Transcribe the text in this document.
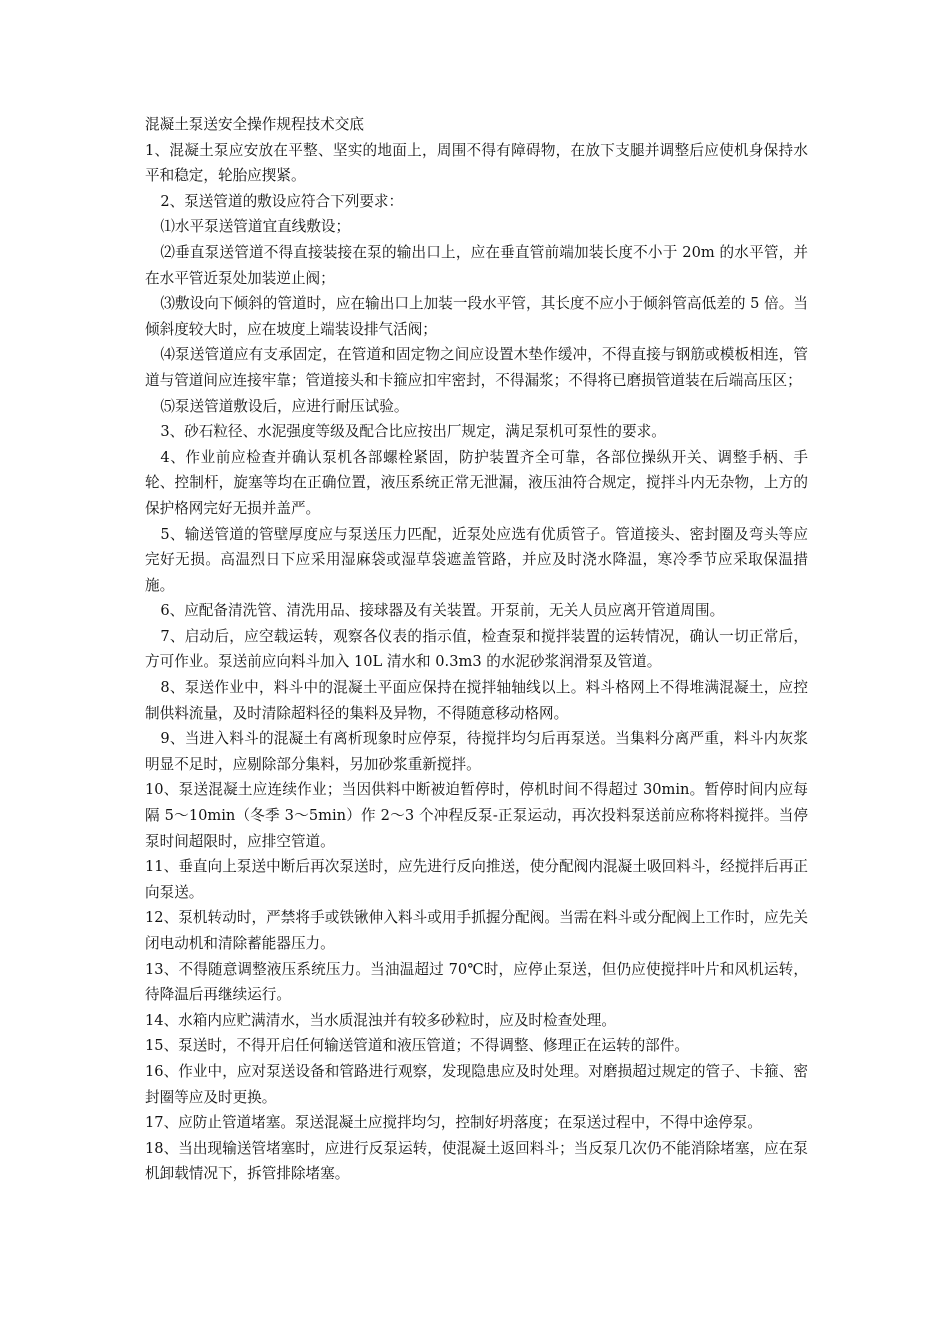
混凝土泵送安全操作规程技术交底

1、混凝土泵应安放在平整、坚实的地面上，周围不得有障碍物，在放下支腿并调整后应使机身保持水平和稳定，轮胎应揳紧。

2、泵送管道的敷设应符合下列要求：

⑴水平泵送管道宜直线敷设；

⑵垂直泵送管道不得直接装接在泵的输出口上，应在垂直管前端加装长度不小于 20m 的水平管，并在水平管近泵处加装逆止阀；

⑶敷设向下倾斜的管道时，应在输出口上加装一段水平管，其长度不应小于倾斜管高低差的 5 倍。当倾斜度较大时，应在坡度上端装设排气活阀；

⑷泵送管道应有支承固定，在管道和固定物之间应设置木垫作缓冲，不得直接与钢筋或模板相连，管道与管道间应连接牢靠；管道接头和卡箍应扣牢密封，不得漏浆；不得将已磨损管道装在后端高压区；

⑸泵送管道敷设后，应进行耐压试验。

3、砂石粒径、水泥强度等级及配合比应按出厂规定，满足泵机可泵性的要求。

4、作业前应检查并确认泵机各部螺栓紧固，防护装置齐全可靠，各部位操纵开关、调整手柄、手轮、控制杆，旋塞等均在正确位置，液压系统正常无泄漏，液压油符合规定，搅拌斗内无杂物，上方的保护格网完好无损并盖严。

5、输送管道的管壁厚度应与泵送压力匹配，近泵处应选有优质管子。管道接头、密封圈及弯头等应完好无损。高温烈日下应采用湿麻袋或湿草袋遮盖管路，并应及时浇水降温，寒冷季节应采取保温措施。

6、应配备清洗管、清洗用品、接球器及有关装置。开泵前，无关人员应离开管道周围。

7、启动后，应空载运转，观察各仪表的指示值，检查泵和搅拌装置的运转情况，确认一切正常后，方可作业。泵送前应向料斗加入 10L 清水和 0.3m3 的水泥砂浆润滑泵及管道。

8、泵送作业中，料斗中的混凝土平面应保持在搅拌轴轴线以上。料斗格网上不得堆满混凝土，应控制供料流量，及时清除超料径的集料及异物，不得随意移动格网。

9、当进入料斗的混凝土有离析现象时应停泵，待搅拌均匀后再泵送。当集料分离严重，料斗内灰浆明显不足时，应剔除部分集料，另加砂浆重新搅拌。

10、泵送混凝土应连续作业；当因供料中断被迫暂停时，停机时间不得超过 30min。暂停时间内应每隔 5～10min（冬季 3～5min）作 2～3 个冲程反泵-正泵运动，再次投料泵送前应称将料搅拌。当停泵时间超限时，应排空管道。

11、垂直向上泵送中断后再次泵送时，应先进行反向推送，使分配阀内混凝土吸回料斗，经搅拌后再正向泵送。

12、泵机转动时，严禁将手或铁锹伸入料斗或用手抓握分配阀。当需在料斗或分配阀上工作时，应先关闭电动机和清除蓄能器压力。

13、不得随意调整液压系统压力。当油温超过 70℃时，应停止泵送，但仍应使搅拌叶片和风机运转，待降温后再继续运行。

14、水箱内应贮满清水，当水质混浊并有较多砂粒时，应及时检查处理。

15、泵送时，不得开启任何输送管道和液压管道；不得调整、修理正在运转的部件。

16、作业中，应对泵送设备和管路进行观察，发现隐患应及时处理。对磨损超过规定的管子、卡箍、密封圈等应及时更换。

17、应防止管道堵塞。泵送混凝土应搅拌均匀，控制好坍落度；在泵送过程中，不得中途停泵。

18、当出现输送管堵塞时，应进行反泵运转，使混凝土返回料斗；当反泵几次仍不能消除堵塞，应在泵机卸载情况下，拆管排除堵塞。
